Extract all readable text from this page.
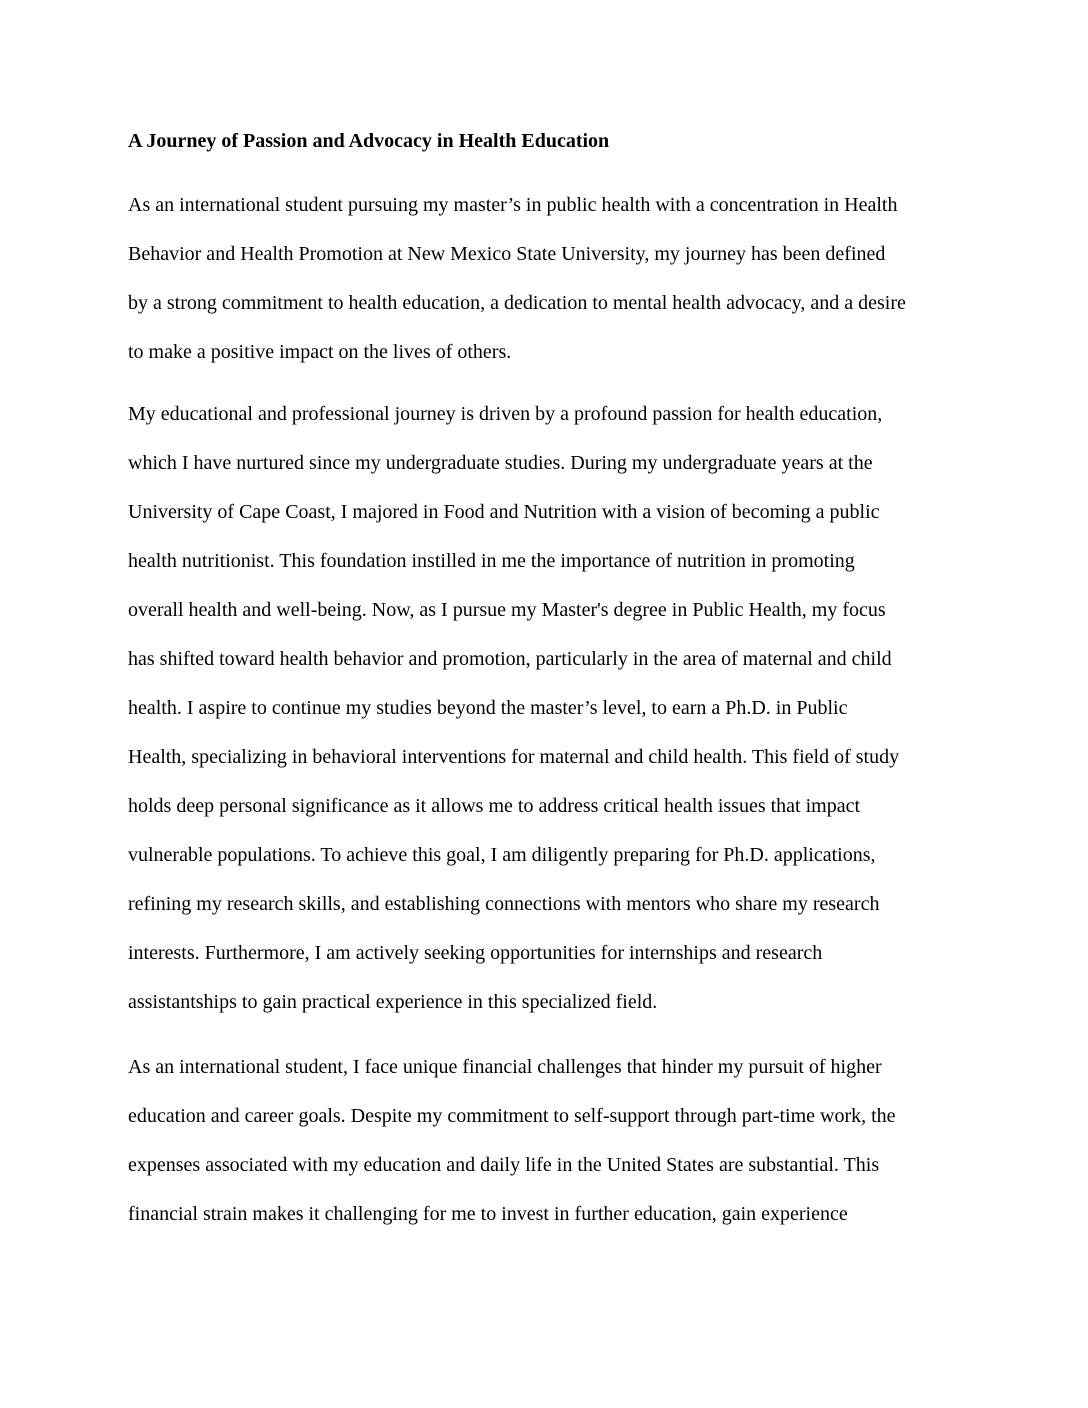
A Journey of Passion and Advocacy in Health Education

As an international student pursuing my master’s in public health with a concentration in Health
Behavior and Health Promotion at New Mexico State University, my journey has been defined
by a strong commitment to health education, a dedication to mental health advocacy, and a desire
to make a positive impact on the lives of others.

My educational and professional journey is driven by a profound passion for health education,
which I have nurtured since my undergraduate studies. During my undergraduate years at the
University of Cape Coast, I majored in Food and Nutrition with a vision of becoming a public
health nutritionist. This foundation instilled in me the importance of nutrition in promoting
overall health and well-being. Now, as I pursue my Master's degree in Public Health, my focus
has shifted toward health behavior and promotion, particularly in the area of maternal and child
health. I aspire to continue my studies beyond the master’s level, to earn a Ph.D. in Public
Health, specializing in behavioral interventions for maternal and child health. This field of study
holds deep personal significance as it allows me to address critical health issues that impact
vulnerable populations. To achieve this goal, I am diligently preparing for Ph.D. applications,
refining my research skills, and establishing connections with mentors who share my research
interests. Furthermore, I am actively seeking opportunities for internships and research
assistantships to gain practical experience in this specialized field.

As an international student, I face unique financial challenges that hinder my pursuit of higher
education and career goals. Despite my commitment to self-support through part-time work, the
expenses associated with my education and daily life in the United States are substantial. This
financial strain makes it challenging for me to invest in further education, gain experience
